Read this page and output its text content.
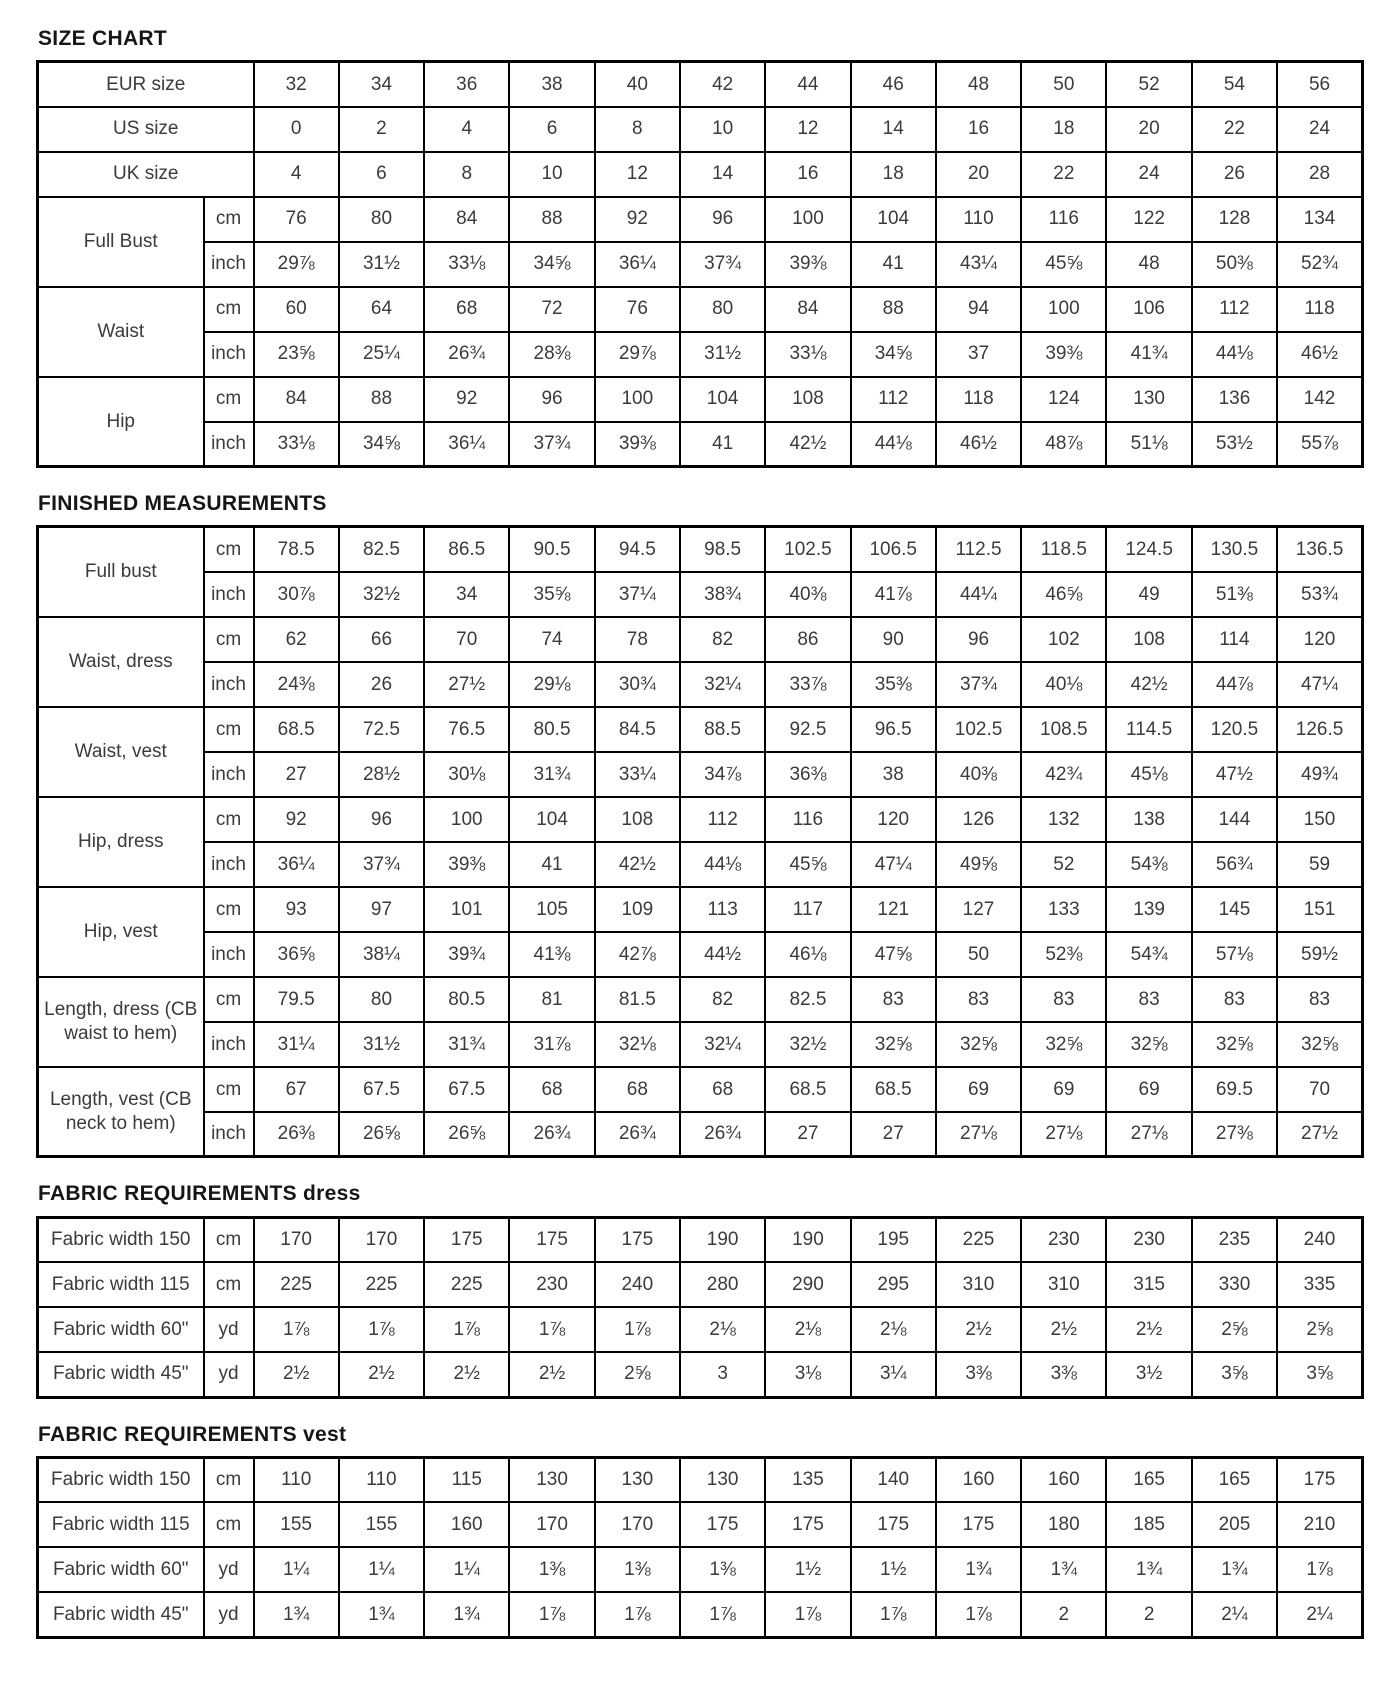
SIZE CHART
EUR size		32	34	36	38	40	42	44	46	48	50	52	54	56
US size		0	2	4	6	8	10	12	14	16	18	20	22	24
UK size		4	6	8	10	12	14	16	18	20	22	24	26	28
Full Bust	cm	76	80	84	88	92	96	100	104	110	116	122	128	134
	inch	29⅞	31½	33⅛	34⅝	36¼	37¾	39⅜	41	43¼	45⅝	48	50⅜	52¾
Waist	cm	60	64	68	72	76	80	84	88	94	100	106	112	118
	inch	23⅝	25¼	26¾	28⅜	29⅞	31½	33⅛	34⅝	37	39⅜	41¾	44⅛	46½
Hip	cm	84	88	92	96	100	104	108	112	118	124	130	136	142
	inch	33⅛	34⅝	36¼	37¾	39⅜	41	42½	44⅛	46½	48⅞	51⅛	53½	55⅞
FINISHED MEASUREMENTS
Full bust	cm	78.5	82.5	86.5	90.5	94.5	98.5	102.5	106.5	112.5	118.5	124.5	130.5	136.5
	inch	30⅞	32½	34	35⅝	37¼	38¾	40⅜	41⅞	44¼	46⅝	49	51⅜	53¾
Waist, dress	cm	62	66	70	74	78	82	86	90	96	102	108	114	120
	inch	24⅜	26	27½	29⅛	30¾	32¼	33⅞	35⅜	37¾	40⅛	42½	44⅞	47¼
Waist, vest	cm	68.5	72.5	76.5	80.5	84.5	88.5	92.5	96.5	102.5	108.5	114.5	120.5	126.5
	inch	27	28½	30⅛	31¾	33¼	34⅞	36⅜	38	40⅜	42¾	45⅛	47½	49¾
Hip, dress	cm	92	96	100	104	108	112	116	120	126	132	138	144	150
	inch	36¼	37¾	39⅜	41	42½	44⅛	45⅝	47¼	49⅝	52	54⅜	56¾	59
Hip, vest	cm	93	97	101	105	109	113	117	121	127	133	139	145	151
	inch	36⅝	38¼	39¾	41⅜	42⅞	44½	46⅛	47⅝	50	52⅜	54¾	57⅛	59½
Length, dress (CB waist to hem)	cm	79.5	80	80.5	81	81.5	82	82.5	83	83	83	83	83	83
	inch	31¼	31½	31¾	31⅞	32⅛	32¼	32½	32⅝	32⅝	32⅝	32⅝	32⅝	32⅝
Length, vest (CB neck to hem)	cm	67	67.5	67.5	68	68	68	68.5	68.5	69	69	69	69.5	70
	inch	26⅜	26⅝	26⅝	26¾	26¾	26¾	27	27	27⅛	27⅛	27⅛	27⅜	27½
FABRIC REQUIREMENTS dress
Fabric width 150	cm	170	170	175	175	175	190	190	195	225	230	230	235	240
Fabric width 115	cm	225	225	225	230	240	280	290	295	310	310	315	330	335
Fabric width 60"	yd	1⅞	1⅞	1⅞	1⅞	1⅞	2⅛	2⅛	2⅛	2½	2½	2½	2⅝	2⅝
Fabric width 45"	yd	2½	2½	2½	2½	2⅝	3	3⅛	3¼	3⅜	3⅜	3½	3⅝	3⅝
FABRIC REQUIREMENTS vest
Fabric width 150	cm	110	110	115	130	130	130	135	140	160	160	165	165	175
Fabric width 115	cm	155	155	160	170	170	175	175	175	175	180	185	205	210
Fabric width 60"	yd	1¼	1¼	1¼	1⅜	1⅜	1⅜	1½	1½	1¾	1¾	1¾	1¾	1⅞
Fabric width 45"	yd	1¾	1¾	1¾	1⅞	1⅞	1⅞	1⅞	1⅞	1⅞	2	2	2¼	2¼
